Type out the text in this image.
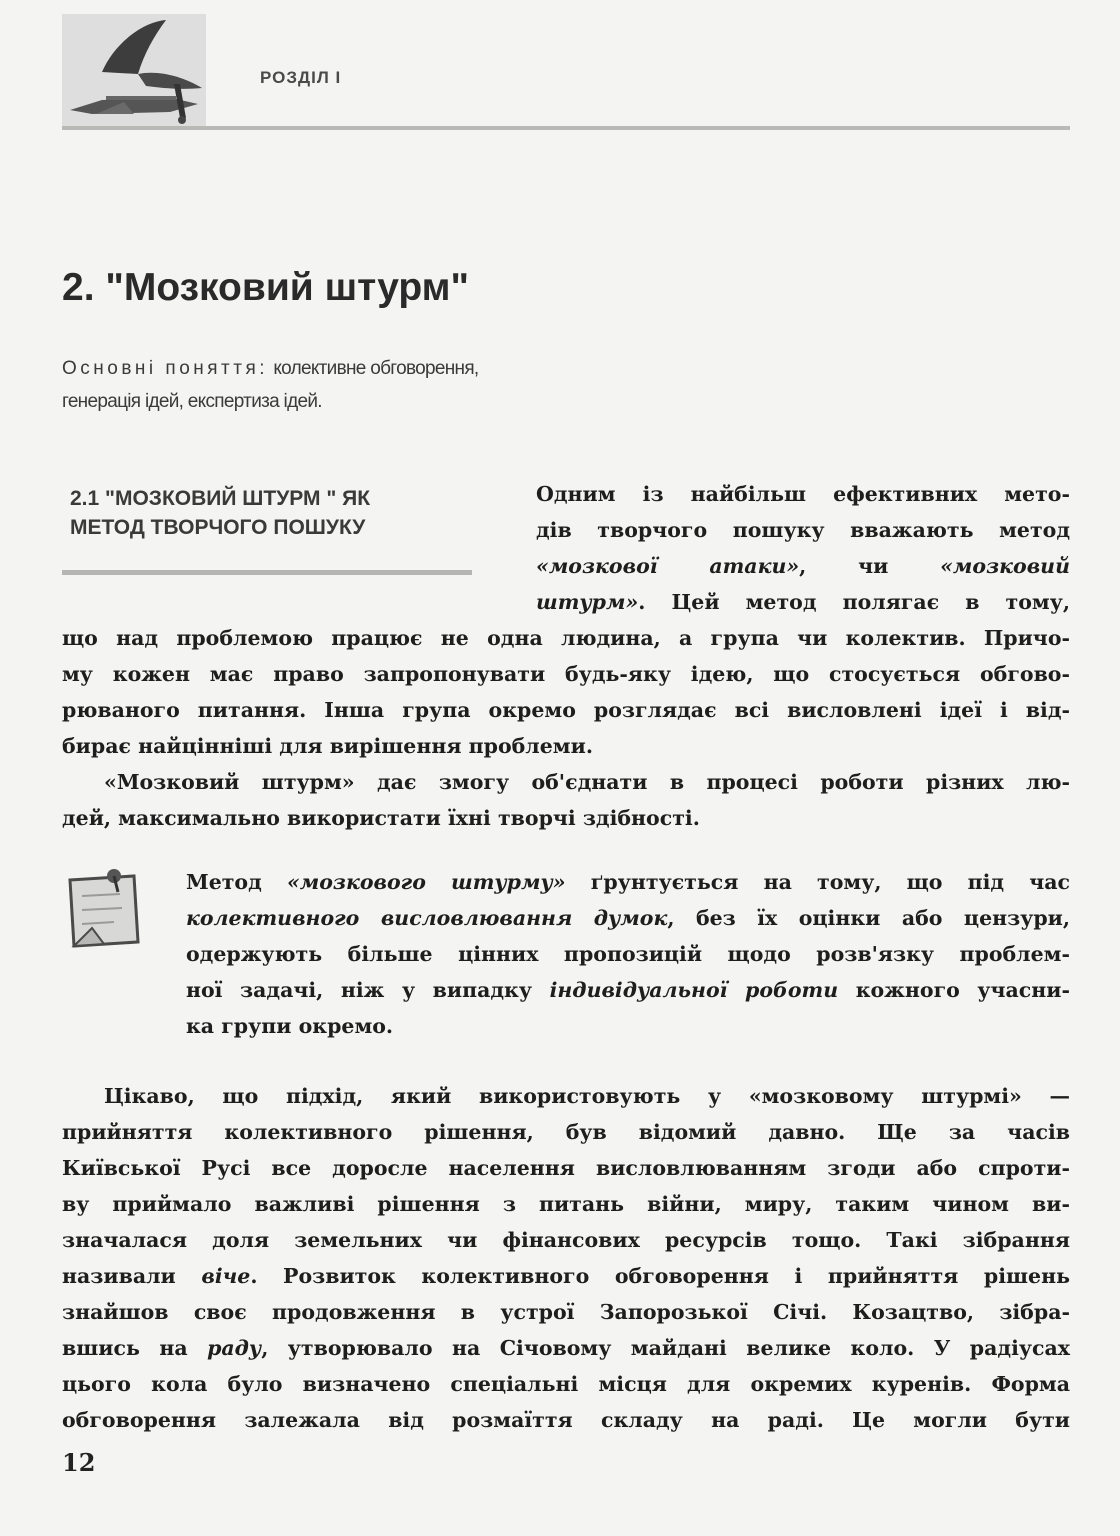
РОЗДІЛ І
2. "Мозковий штурм"
Основні поняття: колективне обговорення,
генерація ідей, експертиза ідей.
2.1 "МОЗКОВИЙ ШТУРМ " ЯК
МЕТОД ТВОРЧОГО ПОШУКУ
Одним із найбільш ефективних мето-
дів творчого пошуку вважають метод
«мозкової атаки», чи «мозковий
штурм». Цей метод полягає в тому,
що над проблемою працює не одна людина, а група чи колектив. Причо-
му кожен має право запропонувати будь-яку ідею, що стосується обгово-
рюваного питання. Інша група окремо розглядає всі висловлені ідеї і від-
бирає найцінніші для вирішення проблеми.
«Мозковий штурм» дає змогу об'єднати в процесі роботи різних лю-
дей, максимально використати їхні творчі здібності.
Метод «мозкового штурму» ґрунтується на тому, що під час
колективного висловлювання думок, без їх оцінки або цензури,
одержують більше цінних пропозицій щодо розв'язку проблем-
ної задачі, ніж у випадку індивідуальної роботи кожного учасни-
ка групи окремо.
Цікаво, що підхід, який використовують у «мозковому штурмі» —
прийняття колективного рішення, був відомий давно. Ще за часів
Київської Русі все доросле населення висловлюванням згоди або спроти-
ву приймало важливі рішення з питань війни, миру, таким чином ви-
значалася доля земельних чи фінансових ресурсів тощо. Такі зібрання
називали віче. Розвиток колективного обговорення і прийняття рішень
знайшов своє продовження в устрої Запорозької Січі. Козацтво, зібра-
вшись на раду, утворювало на Січовому майдані велике коло. У радіусах
цього кола було визначено спеціальні місця для окремих куренів. Форма
обговорення залежала від розмаїття складу на раді. Це могли бути
12
